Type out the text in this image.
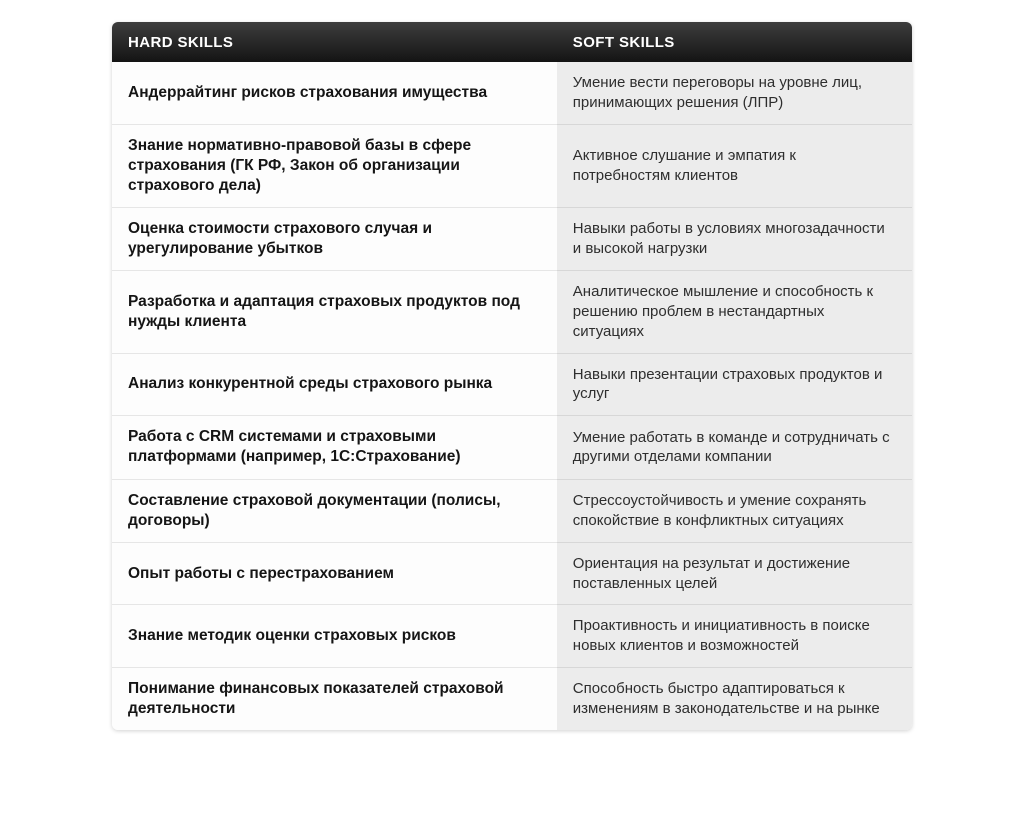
HARD SKILLS	SOFT SKILLS
Андеррайтинг рисков страхования имущества
Умение вести переговоры на уровне лиц, принимающих решения (ЛПР)
Знание нормативно-правовой базы в сфере страхования (ГК РФ, Закон об организации страхового дела)
Активное слушание и эмпатия к потребностям клиентов
Оценка стоимости страхового случая и урегулирование убытков
Навыки работы в условиях многозадачности и высокой нагрузки
Разработка и адаптация страховых продуктов под нужды клиента
Аналитическое мышление и способность к решению проблем в нестандартных ситуациях
Анализ конкурентной среды страхового рынка
Навыки презентации страховых продуктов и услуг
Работа с CRM системами и страховыми платформами (например, 1С:Страхование)
Умение работать в команде и сотрудничать с другими отделами компании
Составление страховой документации (полисы, договоры)
Стрессоустойчивость и умение сохранять спокойствие в конфликтных ситуациях
Опыт работы с перестрахованием
Ориентация на результат и достижение поставленных целей
Знание методик оценки страховых рисков
Проактивность и инициативность в поиске новых клиентов и возможностей
Понимание финансовых показателей страховой деятельности
Способность быстро адаптироваться к изменениям в законодательстве и на рынке
